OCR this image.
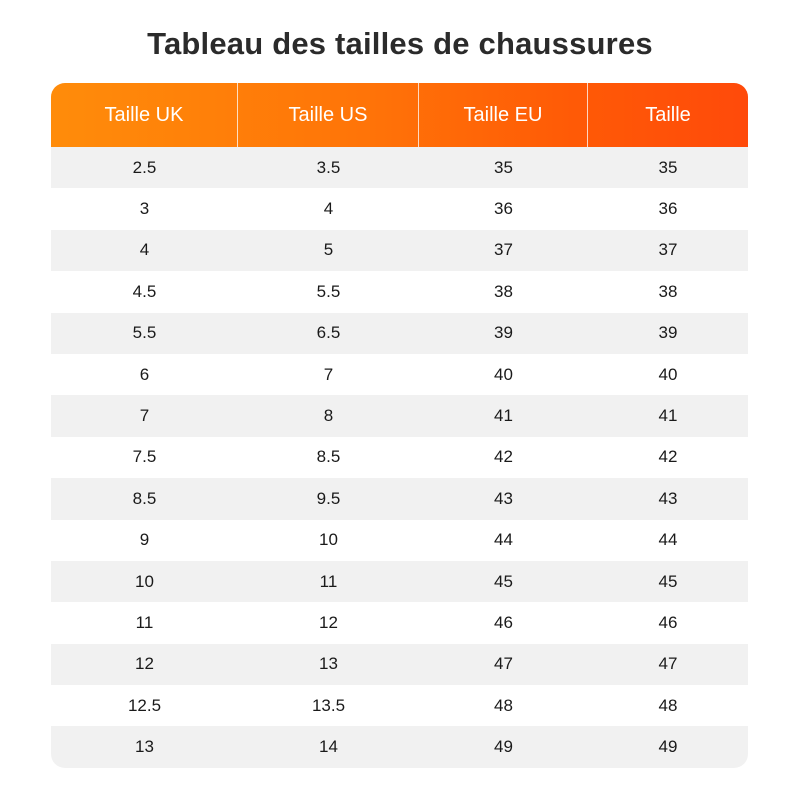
Tableau des tailles de chaussures
Taille UK	Taille US	Taille EU	Taille
2.5	3.5	35	35
3	4	36	36
4	5	37	37
4.5	5.5	38	38
5.5	6.5	39	39
6	7	40	40
7	8	41	41
7.5	8.5	42	42
8.5	9.5	43	43
9	10	44	44
10	11	45	45
11	12	46	46
12	13	47	47
12.5	13.5	48	48
13	14	49	49
